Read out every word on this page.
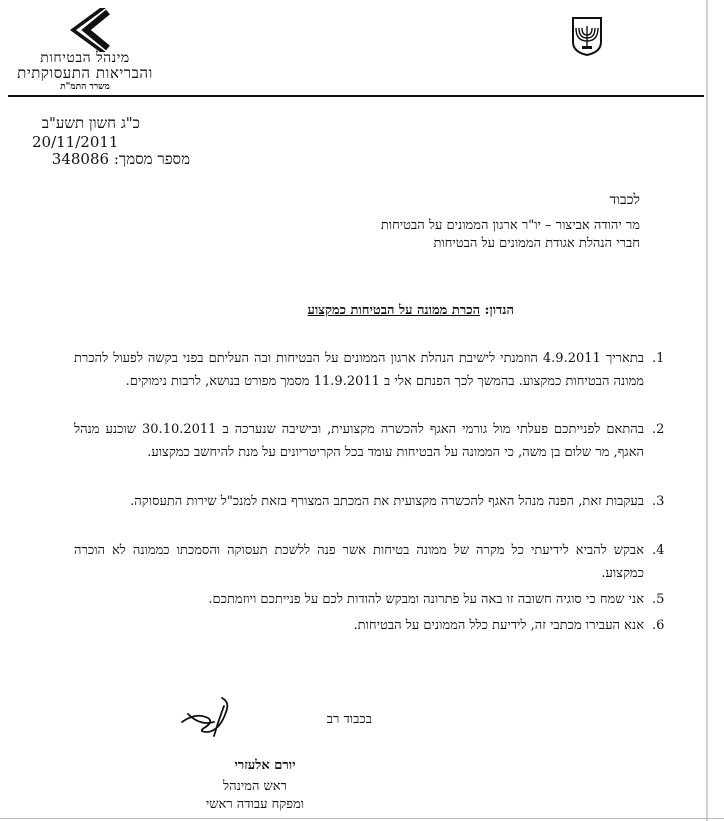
מינהל הבטיחות
והבריאות התעסוקתית
משרד התמ"ת
כ"ג חשון תשע"ב
20/11/2011
מספר מסמך: 348086
לכבוד
מר יהודה אביצור – יו"ר ארגון הממונים על הבטיחות
חברי הנהלת אגודת הממונים על הבטיחות
הנדון: הכרת ממונה על הבטיחות כמקצוע
1.
בתאריך 4.9.2011 הוזמנתי לישיבת הנהלת ארגון הממונים על הבטיחות ובה העליתם בפני בקשה לפעול להכרת ממונה הבטיחות כמקצוע. בהמשך לכך הפנתם אלי ב 11.9.2011 מסמך מפורט בנושא, לרבות נימוקים.
2.
בהתאם לפנייתכם פעלתי מול גורמי האגף להכשרה מקצועית, ובישיבה שנערכה ב 30.10.2011 שוכנע מנהל האגף, מר שלום בן משה, כי הממונה על הבטיחות עומד בכל הקריטריונים על מנת להיחשב כמקצוע.
3.
בעקבות זאת, הפנה מנהל האגף להכשרה מקצועית את המכתב המצורף בזאת למנכ"ל שירות התעסוקה.
4.
אבקש להביא לידיעתי כל מקרה של ממונה בטיחות אשר פנה ללשכת תעסוקה והסמכתו כממונה לא הוכרה כמקצוע.
5.
אני שמח כי סוגיה חשובה זו באה על פתרונה ומבקש להודות לכם על פנייתכם ויוזמתכם.
6.
אנא העבירו מכתבי זה, לידיעת כלל הממונים על הבטיחות.
בכבוד רב
יורם אלעזרי
ראש המינהל
ומפקח עבודה ראשי
